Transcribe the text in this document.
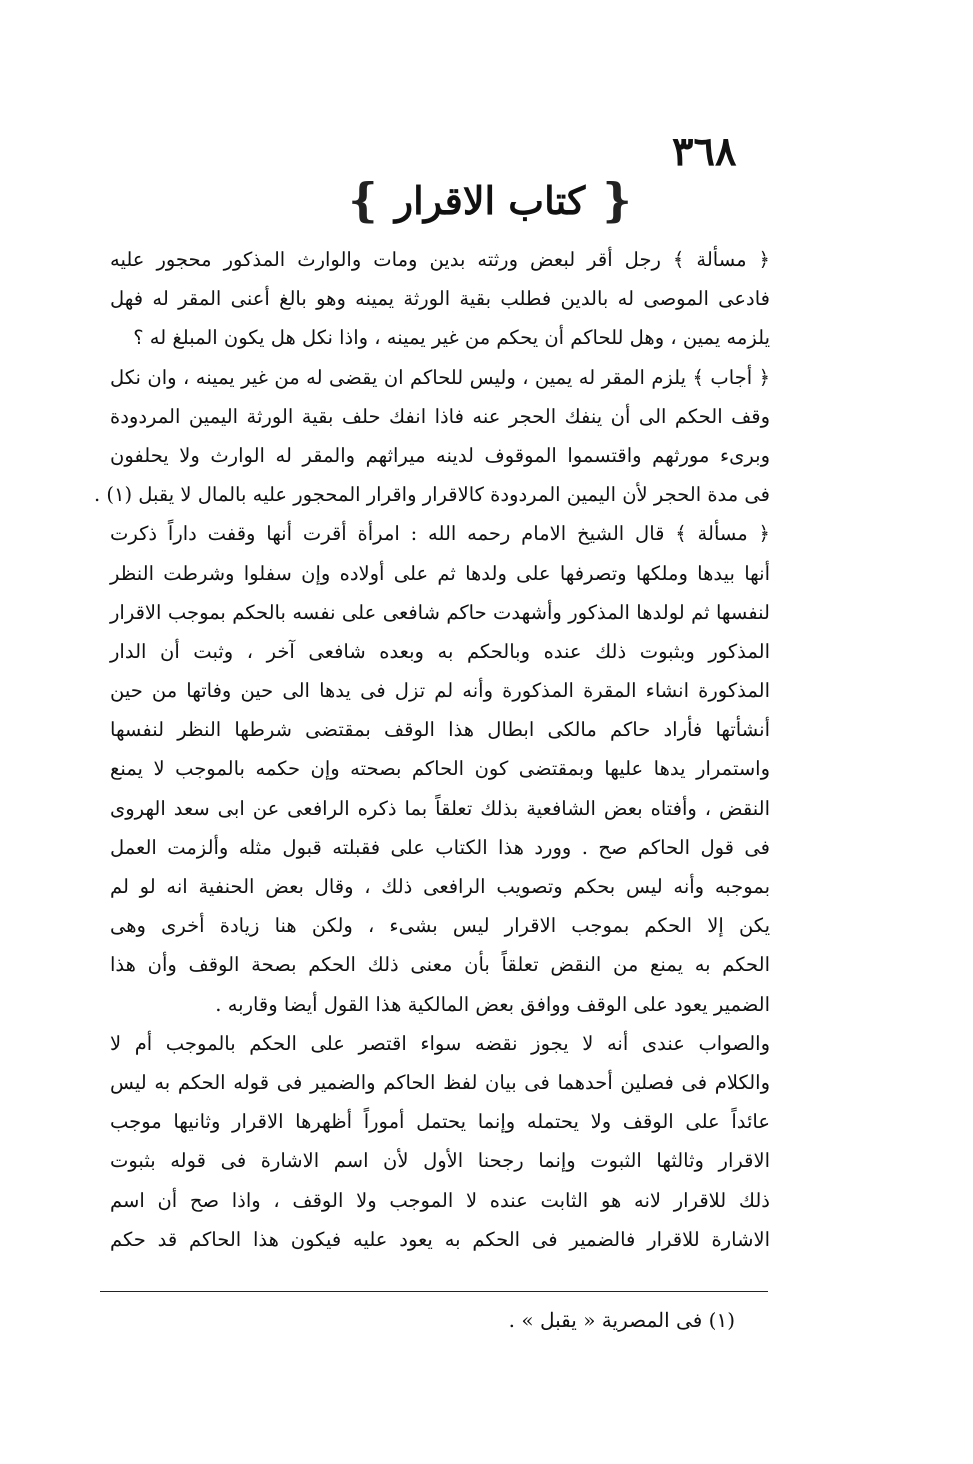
٣٦٨
❴
كتاب الاقرار
❵
﴿ مسألة ﴾ رجل أقر لبعض ورثته بدين ومات والوارث المذكور محجور عليه
فادعى الموصى له بالدين فطلب بقية الورثة يمينه وهو بالغ أعنى المقر له فهل
يلزمه يمين ، وهل للحاكم أن يحكم من غير يمينه ، واذا نكل هل يكون المبلغ له ؟
﴿ أجاب ﴾ يلزم المقر له يمين ، وليس للحاكم ان يقضى له من غير يمينه ، وان نكل
وقف الحكم الى أن ينفك الحجر عنه فاذا انفك حلف بقية الورثة اليمين المردودة
وبرىء مورثهم واقتسموا الموقوف لدينه ميراثهم والمقر له الوارث ولا يحلفون
فى مدة الحجر لأن اليمين المردودة كالاقرار واقرار المحجور عليه بالمال لا يقبل (١) .
﴿ مسألة ﴾ قال الشيخ الامام رحمه الله : امرأة أقرت أنها وقفت داراً ذكرت
أنها بيدها وملكها وتصرفها على ولدها ثم على أولاده وإن سفلوا وشرطت النظر
لنفسها ثم لولدها المذكور وأشهدت حاكم شافعى على نفسه بالحكم بموجب الاقرار
المذكور وبثبوت ذلك عنده وبالحكم به وبعده شافعى آخر ، وثبت أن الدار
المذكورة انشاء المقرة المذكورة وأنه لم تزل فى يدها الى حين وفاتها من حين
أنشأتها فأراد حاكم مالكى ابطال هذا الوقف بمقتضى شرطها النظر لنفسها
واستمرار يدها عليها وبمقتضى كون الحاكم بصحته وإن حكمه بالموجب لا يمنع
النقض ، وأفتاه بعض الشافعية بذلك تعلقاً بما ذكره الرافعى عن ابى سعد الهروى
فى قول الحاكم صح . وورد هذا الكتاب على فقبلته قبول مثله وألزمت العمل
بموجبه وأنه ليس بحكم وتصويب الرافعى ذلك ، وقال بعض الحنفية انه لو لم
يكن إلا الحكم بموجب الاقرار ليس بشىء ، ولكن هنا زيادة أخرى وهى
الحكم به يمنع من النقض تعلقاً بأن معنى ذلك الحكم بصحة الوقف وأن هذا
الضمير يعود على الوقف ووافق بعض المالكية هذا القول أيضا وقاربه .
والصواب عندى أنه لا يجوز نقضه سواء اقتصر على الحكم بالموجب أم لا
والكلام فى فصلين أحدهما فى بيان لفظ الحاكم والضمير فى قوله الحكم به ليس
عائداً على الوقف ولا يحتمله وإنما يحتمل أموراً أظهرها الاقرار وثانيها موجب
الاقرار وثالثها الثبوت وإنما رجحنا الأول لأن اسم الاشارة فى قوله بثبوت
ذلك للاقرار لانه هو الثابت عنده لا الموجب ولا الوقف ، واذا صح أن اسم
الاشارة للاقرار فالضمير فى الحكم به يعود عليه فيكون هذا الحاكم قد حكم
(١) فى المصرية « يقبل » .
